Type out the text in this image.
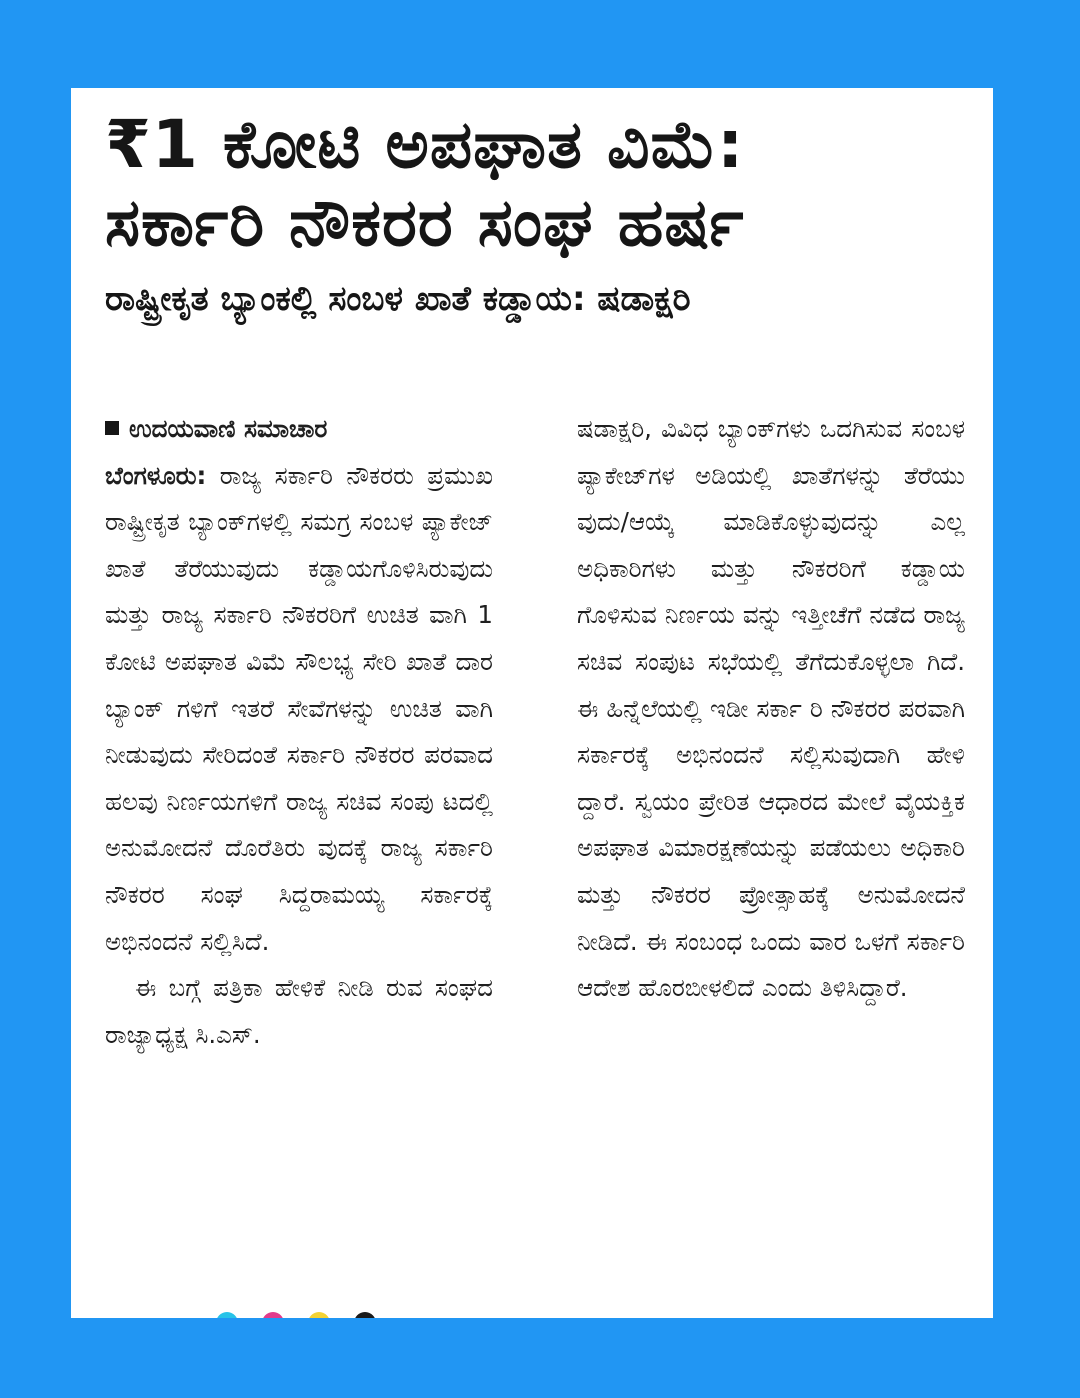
₹1 ಕೋಟಿ ಅಪಘಾತ ವಿಮೆ:
ಸರ್ಕಾರಿ ನೌಕರರ ಸಂಘ ಹರ್ಷ
ರಾಷ್ಟ್ರೀಕೃತ ಬ್ಯಾಂಕಲ್ಲಿ ಸಂಬಳ ಖಾತೆ ಕಡ್ಡಾಯ: ಷಡಾಕ್ಷರಿ
ಉದಯವಾಣಿ ಸಮಾಚಾರ

ಬೆಂಗಳೂರು: ರಾಜ್ಯ ಸರ್ಕಾರಿ ನೌಕರರು ಪ್ರಮುಖ ರಾಷ್ಟ್ರೀಕೃತ ಬ್ಯಾಂಕ್‌ಗಳಲ್ಲಿ ಸಮಗ್ರ ಸಂಬಳ ಪ್ಯಾಕೇಜ್ ಖಾತೆ ತೆರೆಯುವುದು ಕಡ್ಡಾಯಗೊಳಿಸಿರುವುದು ಮತ್ತು ರಾಜ್ಯ ಸರ್ಕಾರಿ ನೌಕರರಿಗೆ ಉಚಿತ ವಾಗಿ 1 ಕೋಟಿ ಅಪಘಾತ ವಿಮೆ ಸೌಲಭ್ಯ ಸೇರಿ ಖಾತೆ ದಾರ ಬ್ಯಾಂಕ್ ಗಳಿಗೆ ಇತರೆ ಸೇವೆಗಳನ್ನು ಉಚಿತ ವಾಗಿ ನೀಡುವುದು ಸೇರಿದಂತೆ ಸರ್ಕಾರಿ ನೌಕರರ ಪರವಾದ ಹಲವು ನಿರ್ಣಯಗಳಿಗೆ ರಾಜ್ಯ ಸಚಿವ ಸಂಪು ಟದಲ್ಲಿ ಅನುಮೋದನೆ ದೊರೆತಿರು ವುದಕ್ಕೆ ರಾಜ್ಯ ಸರ್ಕಾರಿ ನೌಕರರ ಸಂಘ ಸಿದ್ದರಾಮಯ್ಯ ಸರ್ಕಾರಕ್ಕೆ ಅಭಿನಂದನೆ ಸಲ್ಲಿಸಿದೆ.

ಈ ಬಗ್ಗೆ ಪತ್ರಿಕಾ ಹೇಳಿಕೆ ನೀಡಿ ರುವ ಸಂಘದ ರಾಜ್ಯಾಧ್ಯಕ್ಷ ಸಿ.ಎಸ್.

ಷಡಾಕ್ಷರಿ, ವಿವಿಧ ಬ್ಯಾಂಕ್‌ಗಳು ಒದಗಿಸುವ ಸಂಬಳ ಪ್ಯಾಕೇಜ್‌ಗಳ ಅಡಿಯಲ್ಲಿ ಖಾತೆಗಳನ್ನು ತೆರೆಯು ವುದು/ಆಯ್ಕೆ ಮಾಡಿಕೊಳ್ಳುವುದನ್ನು ಎಲ್ಲ ಅಧಿಕಾರಿಗಳು ಮತ್ತು ನೌಕರರಿಗೆ ಕಡ್ಡಾಯ ಗೊಳಿಸುವ ನಿರ್ಣಯ ವನ್ನು ಇತ್ತೀಚೆಗೆ ನಡೆದ ರಾಜ್ಯ ಸಚಿವ ಸಂಪುಟ ಸಭೆಯಲ್ಲಿ ತೆಗೆದುಕೊಳ್ಳಲಾ ಗಿದೆ. ಈ ಹಿನ್ನೆಲೆಯಲ್ಲಿ ಇಡೀ ಸರ್ಕಾ ರಿ ನೌಕರರ ಪರವಾಗಿ ಸರ್ಕಾರಕ್ಕೆ ಅಭಿನಂದನೆ ಸಲ್ಲಿಸುವುದಾಗಿ ಹೇಳಿ ದ್ದಾರೆ. ಸ್ವಯಂ ಪ್ರೇರಿತ ಆಧಾರದ ಮೇಲೆ ವೈಯಕ್ತಿಕ ಅಪಘಾತ ವಿಮಾರಕ್ಷಣೆಯನ್ನು ಪಡೆಯಲು ಅಧಿಕಾರಿ ಮತ್ತು ನೌಕರರ ಪ್ರೋತ್ಸಾಹಕ್ಕೆ ಅನುಮೋದನೆ ನೀಡಿದೆ. ಈ ಸಂಬಂಧ ಒಂದು ವಾರ ಒಳಗೆ ಸರ್ಕಾರಿ ಆದೇಶ ಹೊರಬೀಳಲಿದೆ ಎಂದು ತಿಳಿಸಿದ್ದಾರೆ.
